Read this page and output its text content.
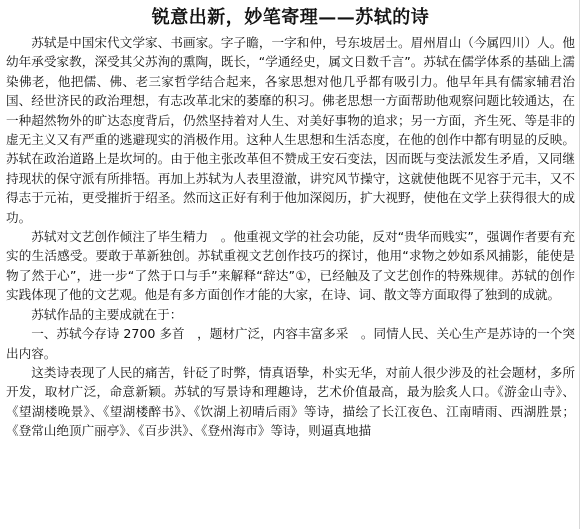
锐意出新，妙笔寄理——苏轼的诗

苏轼是中国宋代文学家、书画家。字子瞻，一字和仲，号东坡居士。眉州眉山（今属四川）人。他幼年承受家教，深受其父苏洵的熏陶，既长，“学通经史，属文日数千言”。苏轼在儒学体系的基础上濡染佛老，他把儒、佛、老三家哲学结合起来，各家思想对他几乎都有吸引力。他早年具有儒家辅君治国、经世济民的政治理想，有志改革北宋的萎靡的积习。佛老思想一方面帮助他观察问题比较通达，在一种超然物外的旷达态度背后，仍然坚持着对人生、对美好事物的追求；另一方面，齐生死、等是非的虚无主义又有严重的逃避现实的消极作用。这种人生思想和生活态度，在他的创作中都有明显的反映。苏轼在政治道路上是坎坷的。由于他主张改革但不赞成王安石变法，因而既与变法派发生矛盾，又同继持现状的保守派有所排牾。再加上苏轼为人表里澄澈，讲究风节操守，这就使他既不见容于元丰，又不得志于元祐，更受摧折于绍圣。然而这正好有利于他加深阅历，扩大视野，使他在文学上获得很大的成功。

苏轼对文艺创作倾注了毕生精力　。他重视文学的社会功能，反对“贵华而贱实”，强调作者要有充实的生活感受。要敢于革新独创。苏轼重视文艺创作技巧的探讨，他用“求物之妙如系风捕影，能使是物了然于心”，进一步“了然于口与手”来解释“辞达”①，已经触及了文艺创作的特殊规律。苏轼的创作实践体现了他的文艺观。他是有多方面创作才能的大家，在诗、词、散文等方面取得了独到的成就。

苏轼作品的主要成就在于：

一、苏轼今存诗 2700 多首　，题材广泛，内容丰富多采　。同情人民、关心生产是苏诗的一个突出内容。

这类诗表现了人民的痛苦，针砭了时弊，情真语挚，朴实无华，对前人很少涉及的社会题材，多所开发，取材广泛，命意新颖。苏轼的写景诗和理趣诗，艺术价值最高，最为脍炙人口。《游金山寺》、《望湖楼晚景》、《望湖楼醉书》、《饮湖上初晴后雨》等诗，描绘了长江夜色、江南晴雨、西湖胜景；《登常山绝顶广丽亭》、《百步洪》、《登州海市》等诗，则逼真地描
